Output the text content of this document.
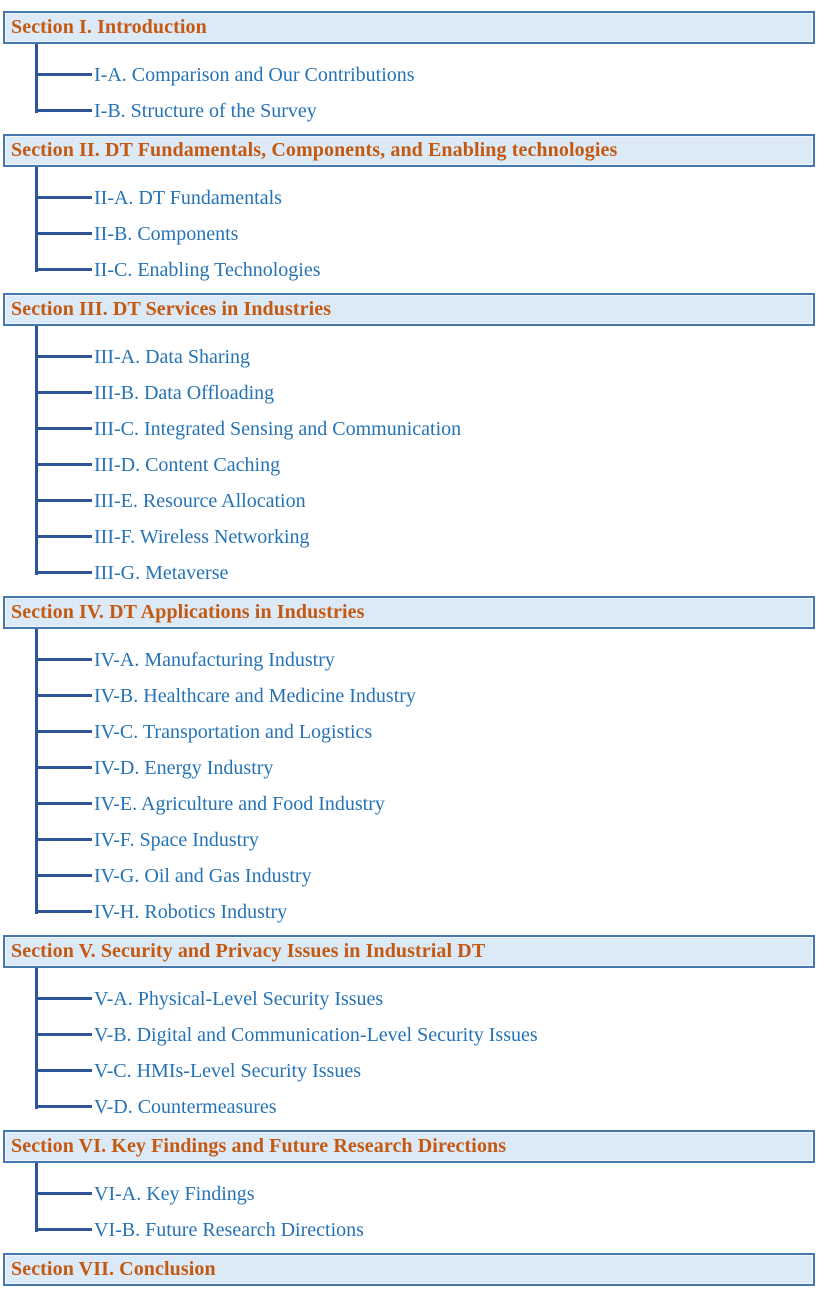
Section I. Introduction
I-A. Comparison and Our Contributions
I-B. Structure of the Survey
Section II. DT Fundamentals, Components, and Enabling technologies
II-A. DT Fundamentals
II-B. Components
II-C. Enabling Technologies
Section III. DT Services in Industries
III-A. Data Sharing
III-B. Data Offloading
III-C. Integrated Sensing and Communication
III-D. Content Caching
III-E. Resource Allocation
III-F. Wireless Networking
III-G. Metaverse
Section IV. DT Applications in Industries
IV-A. Manufacturing Industry
IV-B. Healthcare and Medicine Industry
IV-C. Transportation and Logistics
IV-D. Energy Industry
IV-E. Agriculture and Food Industry
IV-F. Space Industry
IV-G. Oil and Gas Industry
IV-H. Robotics Industry
Section V. Security and Privacy Issues in Industrial DT
V-A. Physical-Level Security Issues
V-B. Digital and Communication-Level Security Issues
V-C. HMIs-Level Security Issues
V-D. Countermeasures
Section VI. Key Findings and Future Research Directions
VI-A. Key Findings
VI-B. Future Research Directions
Section VII. Conclusion
